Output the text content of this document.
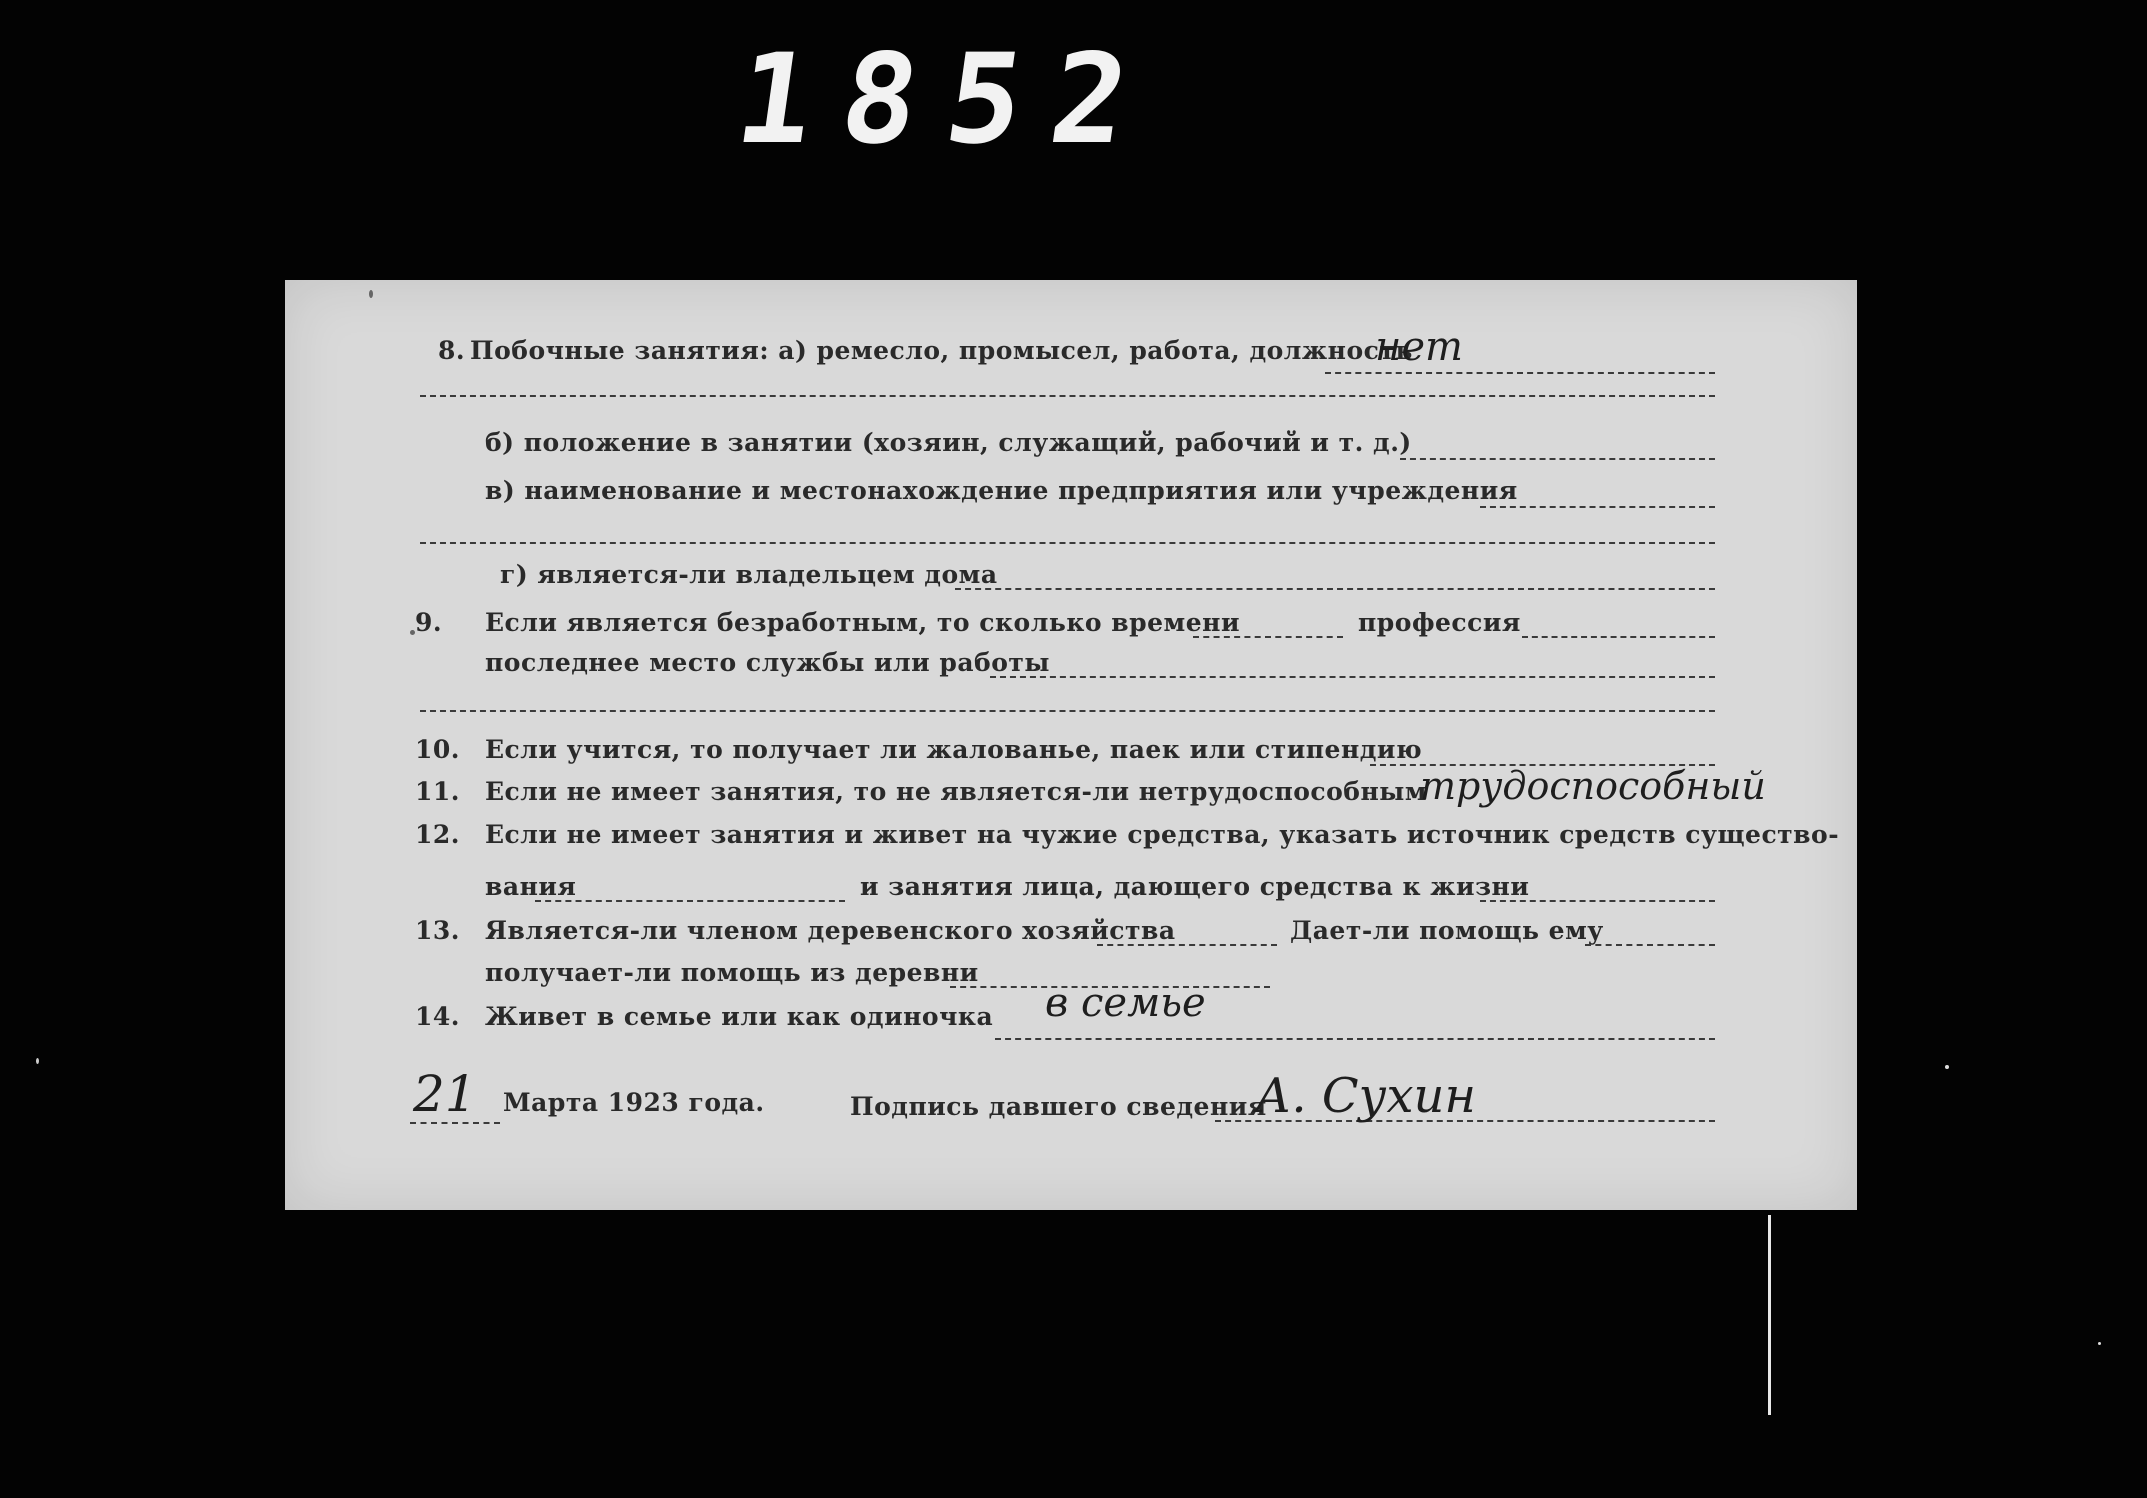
1852
8. Побочные занятия: а) ремесло, промысел, работа, должность
нет
б) положение в занятии (хозяин, служащий, рабочий и т. д.)
в) наименование и местонахождение предприятия или учреждения
г) является-ли владельцем дома
9. Если является безработным, то сколько времени	профессия
последнее место службы или работы
10. Если учится, то получает ли жалованье, паек или стипендию
11. Если не имеет занятия, то не является-ли нетрудоспособным
трудоспособный
12. Если не имеет занятия и живет на чужие средства, указать источник средств существо-
вания	и занятия лица, дающего средства к жизни
13. Является-ли членом деревенского хозяйства	Дает-ли помощь ему
получает-ли помощь из деревни
14. Живет в семье или как одиночка в семье
21 Марта 1923 года.	Подпись давшего сведения
А. Сухин
